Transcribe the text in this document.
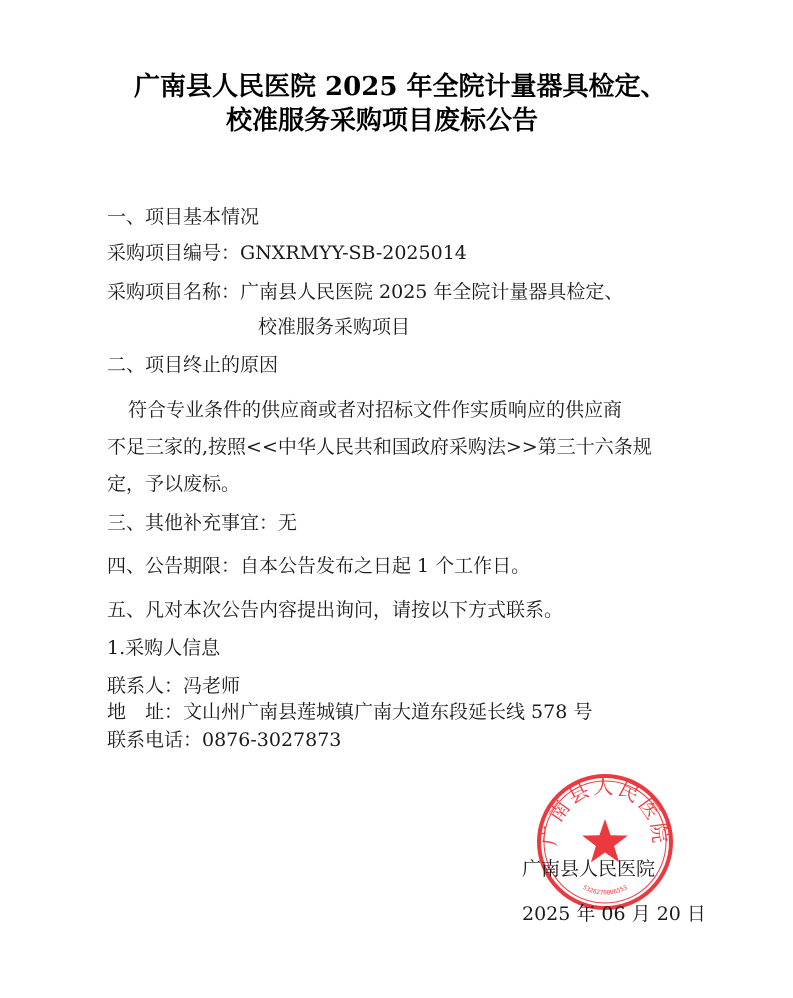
广南县人民医院 2025 年全院计量器具检定、
校准服务采购项目废标公告
一、项目基本情况
采购项目编号：GNXRMYY-SB-2025014
采购项目名称：广南县人民医院 2025 年全院计量器具检定、
校准服务采购项目
二、项目终止的原因
符合专业条件的供应商或者对招标文件作实质响应的供应商
不足三家的,按照<<中华人民共和国政府采购法>>第三十六条规
定，予以废标。
三、其他补充事宜：无
四、公告期限：自本公告发布之日起 1 个工作日。
五、凡对本次公告内容提出询问，请按以下方式联系。
1.采购人信息
联系人：冯老师
地　址：文山州广南县莲城镇广南大道东段延长线 578 号
联系电话：0876-3027873
广南县人民医院
5326270006553
广南县人民医院
2025 年 06 月 20 日
